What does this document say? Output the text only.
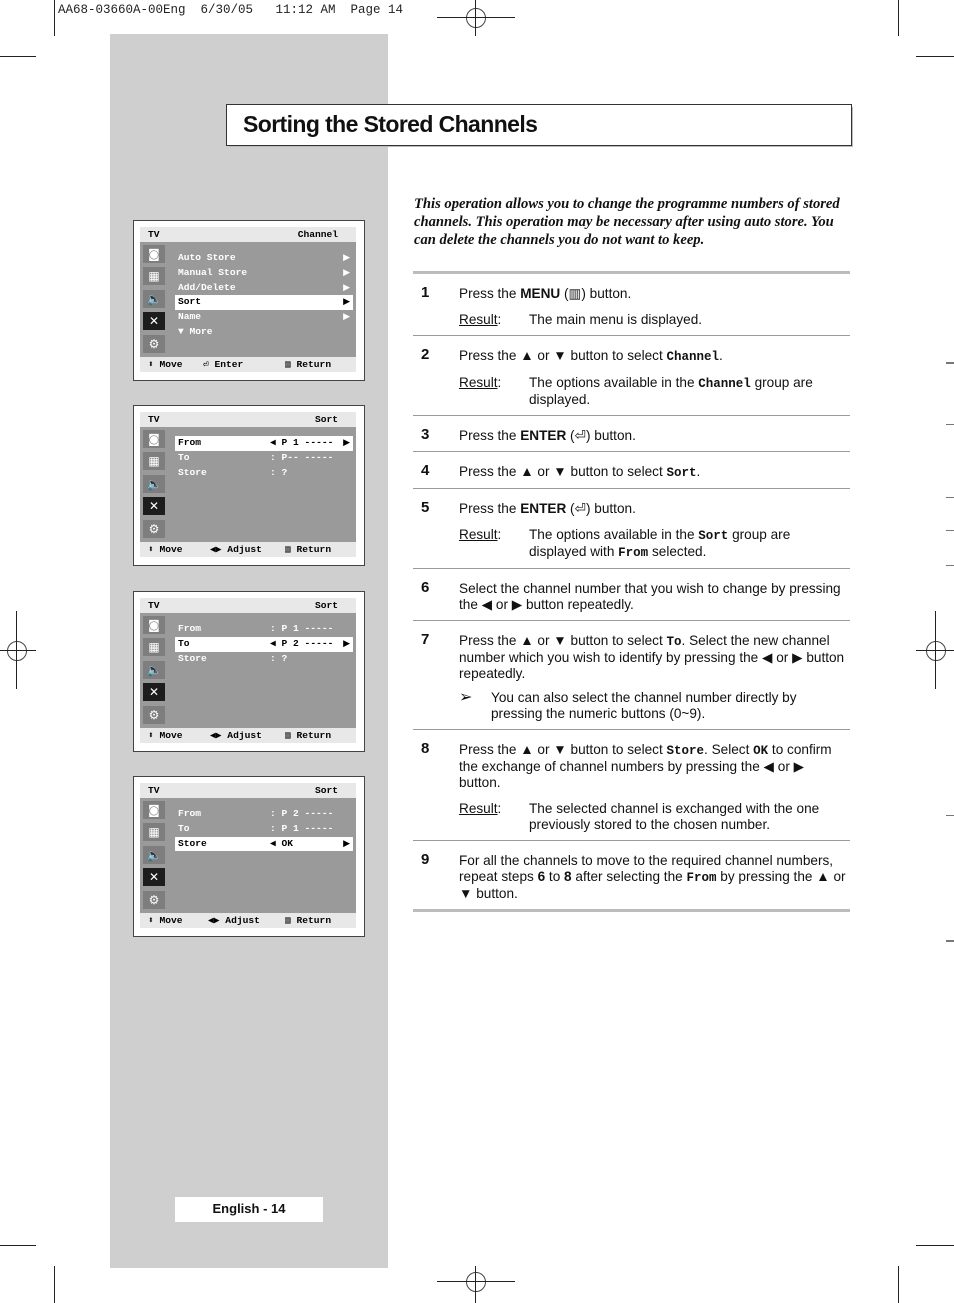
AA68-03660A-00Eng  6/30/05   11:12 AM  Page 14
Sorting the Stored Channels
This operation allows you to change the programme numbers of stored channels. This operation may be necessary after using auto store. You can delete the channels you do not want to keep.
1 Press the MENU (▥) button.

Result :	The main menu is displayed.
2 Press the ▲ or ▼ button to select Channel.

Result :	The options available in the Channel group are displayed.
3 Press the ENTER (⏎) button.

4 Press the ▲ or ▼ button to select Sort.

5 Press the ENTER (⏎) button.

Result :	The options available in the Sort group are displayed with From selected.
6 Select the channel number that you wish to change by pressing the ◀ or ▶ button repeatedly.

7 Press the ▲ or ▼ button to select To. Select the new channel number which you wish to identify by pressing the ◀ or ▶ button repeatedly.

➢	You can also select the channel number directly by pressing the numeric buttons (0~9).
8 Press the ▲ or ▼ button to select Store. Select OK to confirm the exchange of channel numbers by pressing the ◀ or ▶ button.

Result :	The selected channel is exchanged with the one previously stored to the chosen number.
9 For all the channels to move to the required channel numbers, repeat steps 6 to 8 after selecting the From by pressing the ▲ or ▼ button.

TV	Channel
◙
▦
🔈
✕
⚙
Auto Store	▶
Manual Store	▶
Add/Delete	▶
Sort	▶
Name	▶
▼ More
⬍ Move ⏎ Enter	▥ Return
TV	Sort
◙
▦
🔈
✕
⚙
From	◀ P 1 ----- ▶
To	: P-- -----
Store	: ?
⬍ Move	◀▶ Adjust ▥ Return
TV	Sort
◙
▦
🔈
✕
⚙
From	: P 1 -----
To	◀ P 2 ----- ▶
Store	: ?
⬍ Move	◀▶ Adjust ▥ Return
TV	Sort
◙
▦
🔈
✕
⚙
From	: P 2 -----
To	: P 1 -----
Store	◀ OK	▶
⬍ Move	◀▶ Adjust	▥ Return
English - 14
